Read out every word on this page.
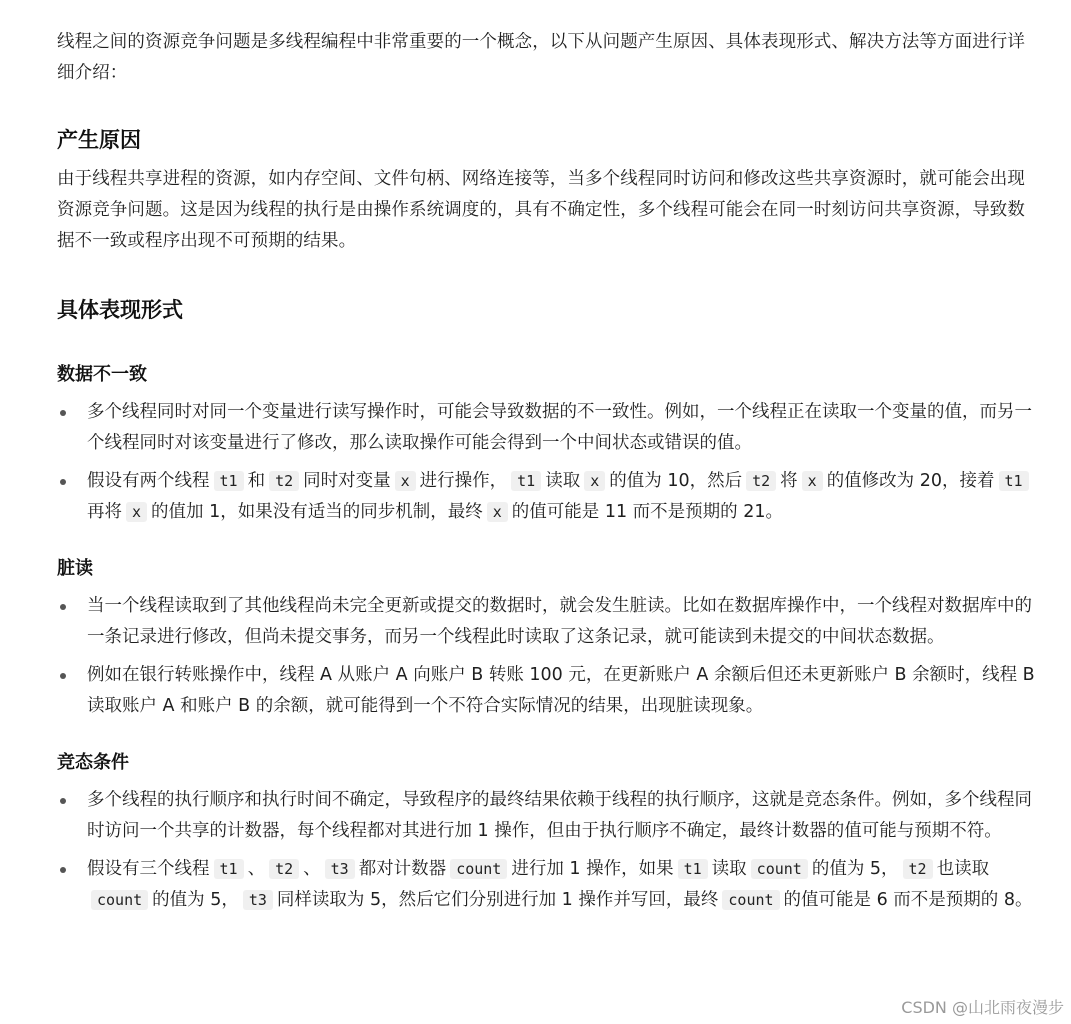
线程之间的资源竞争问题是多线程编程中非常重要的一个概念，以下从问题产生原因、具体表现形式、解决方法等方面进行详细介绍：

产生原因

由于线程共享进程的资源，如内存空间、文件句柄、网络连接等，当多个线程同时访问和修改这些共享资源时，就可能会出现资源竞争问题。这是因为线程的执行是由操作系统调度的，具有不确定性，多个线程可能会在同一时刻访问共享资源，导致数据不一致或程序出现不可预期的结果。

具体表现形式
数据不一致
多个线程同时对同一个变量进行读写操作时，可能会导致数据的不一致性。例如，一个线程正在读取一个变量的值，而另一个线程同时对该变量进行了修改，那么读取操作可能会得到一个中间状态或错误的值。
假设有两个线程 t1 和 t2 同时对变量 x 进行操作， t1 读取 x 的值为 10，然后 t2 将 x 的值修改为 20，接着 t1再将 x 的值加 1，如果没有适当的同步机制，最终 x 的值可能是 11 而不是预期的 21。
脏读
当一个线程读取到了其他线程尚未完全更新或提交的数据时，就会发生脏读。比如在数据库操作中，一个线程对数据库中的一条记录进行修改，但尚未提交事务，而另一个线程此时读取了这条记录，就可能读到未提交的中间状态数据。
例如在银行转账操作中，线程 A 从账户 A 向账户 B 转账 100 元，在更新账户 A 余额后但还未更新账户 B 余额时，线程 B 读取账户 A 和账户 B 的余额，就可能得到一个不符合实际情况的结果，出现脏读现象。
竞态条件
多个线程的执行顺序和执行时间不确定，导致程序的最终结果依赖于线程的执行顺序，这就是竞态条件。例如，多个线程同时访问一个共享的计数器，每个线程都对其进行加 1 操作，但由于执行顺序不确定，最终计数器的值可能与预期不符。
假设有三个线程 t1 、 t2 、 t3 都对计数器 count 进行加 1 操作，如果 t1 读取 count 的值为 5， t2 也读取count 的值为 5， t3 同样读取为 5，然后它们分别进行加 1 操作并写回，最终 count 的值可能是 6 而不是预期的 8。
CSDN @山北雨夜漫步
